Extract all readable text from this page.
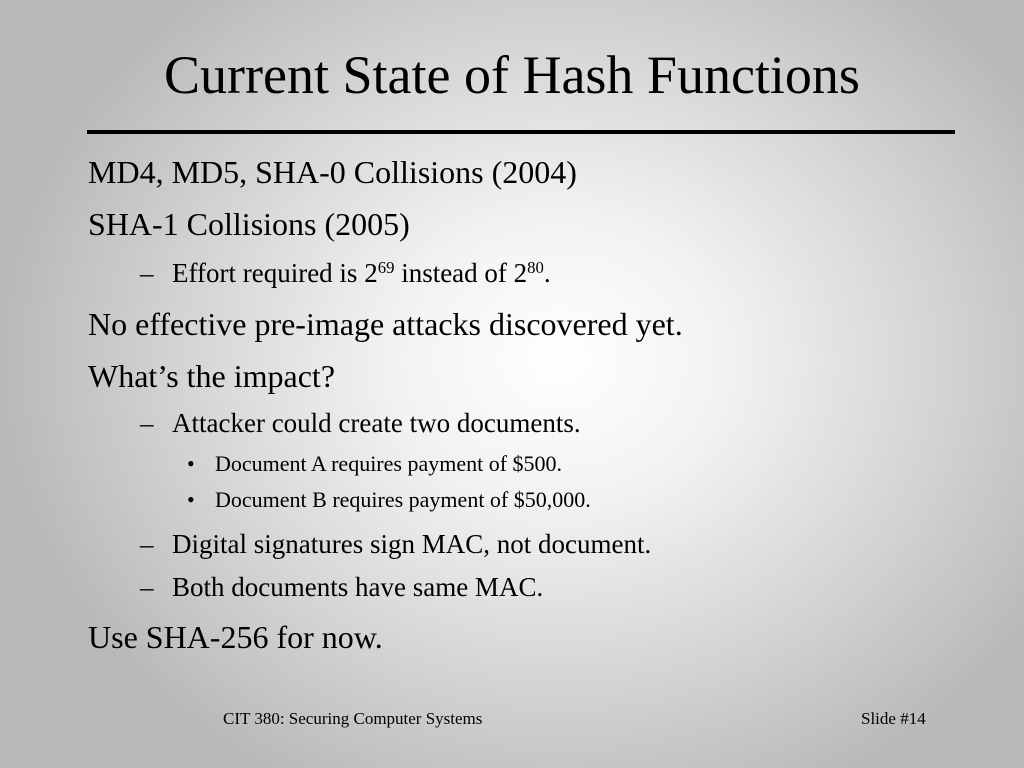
Current State of Hash Functions
MD4, MD5, SHA-0 Collisions (2004)
SHA-1 Collisions (2005)
– Effort required is $2^{69}$ instead of $2^{80}$.
No effective pre-image attacks discovered yet.
What’s the impact?
– Attacker could create two documents.
• Document A requires payment of $500.
• Document B requires payment of $50,000.
– Digital signatures sign MAC, not document.
– Both documents have same MAC.
Use SHA-256 for now.
CIT 380: Securing Computer Systems	Slide #14
